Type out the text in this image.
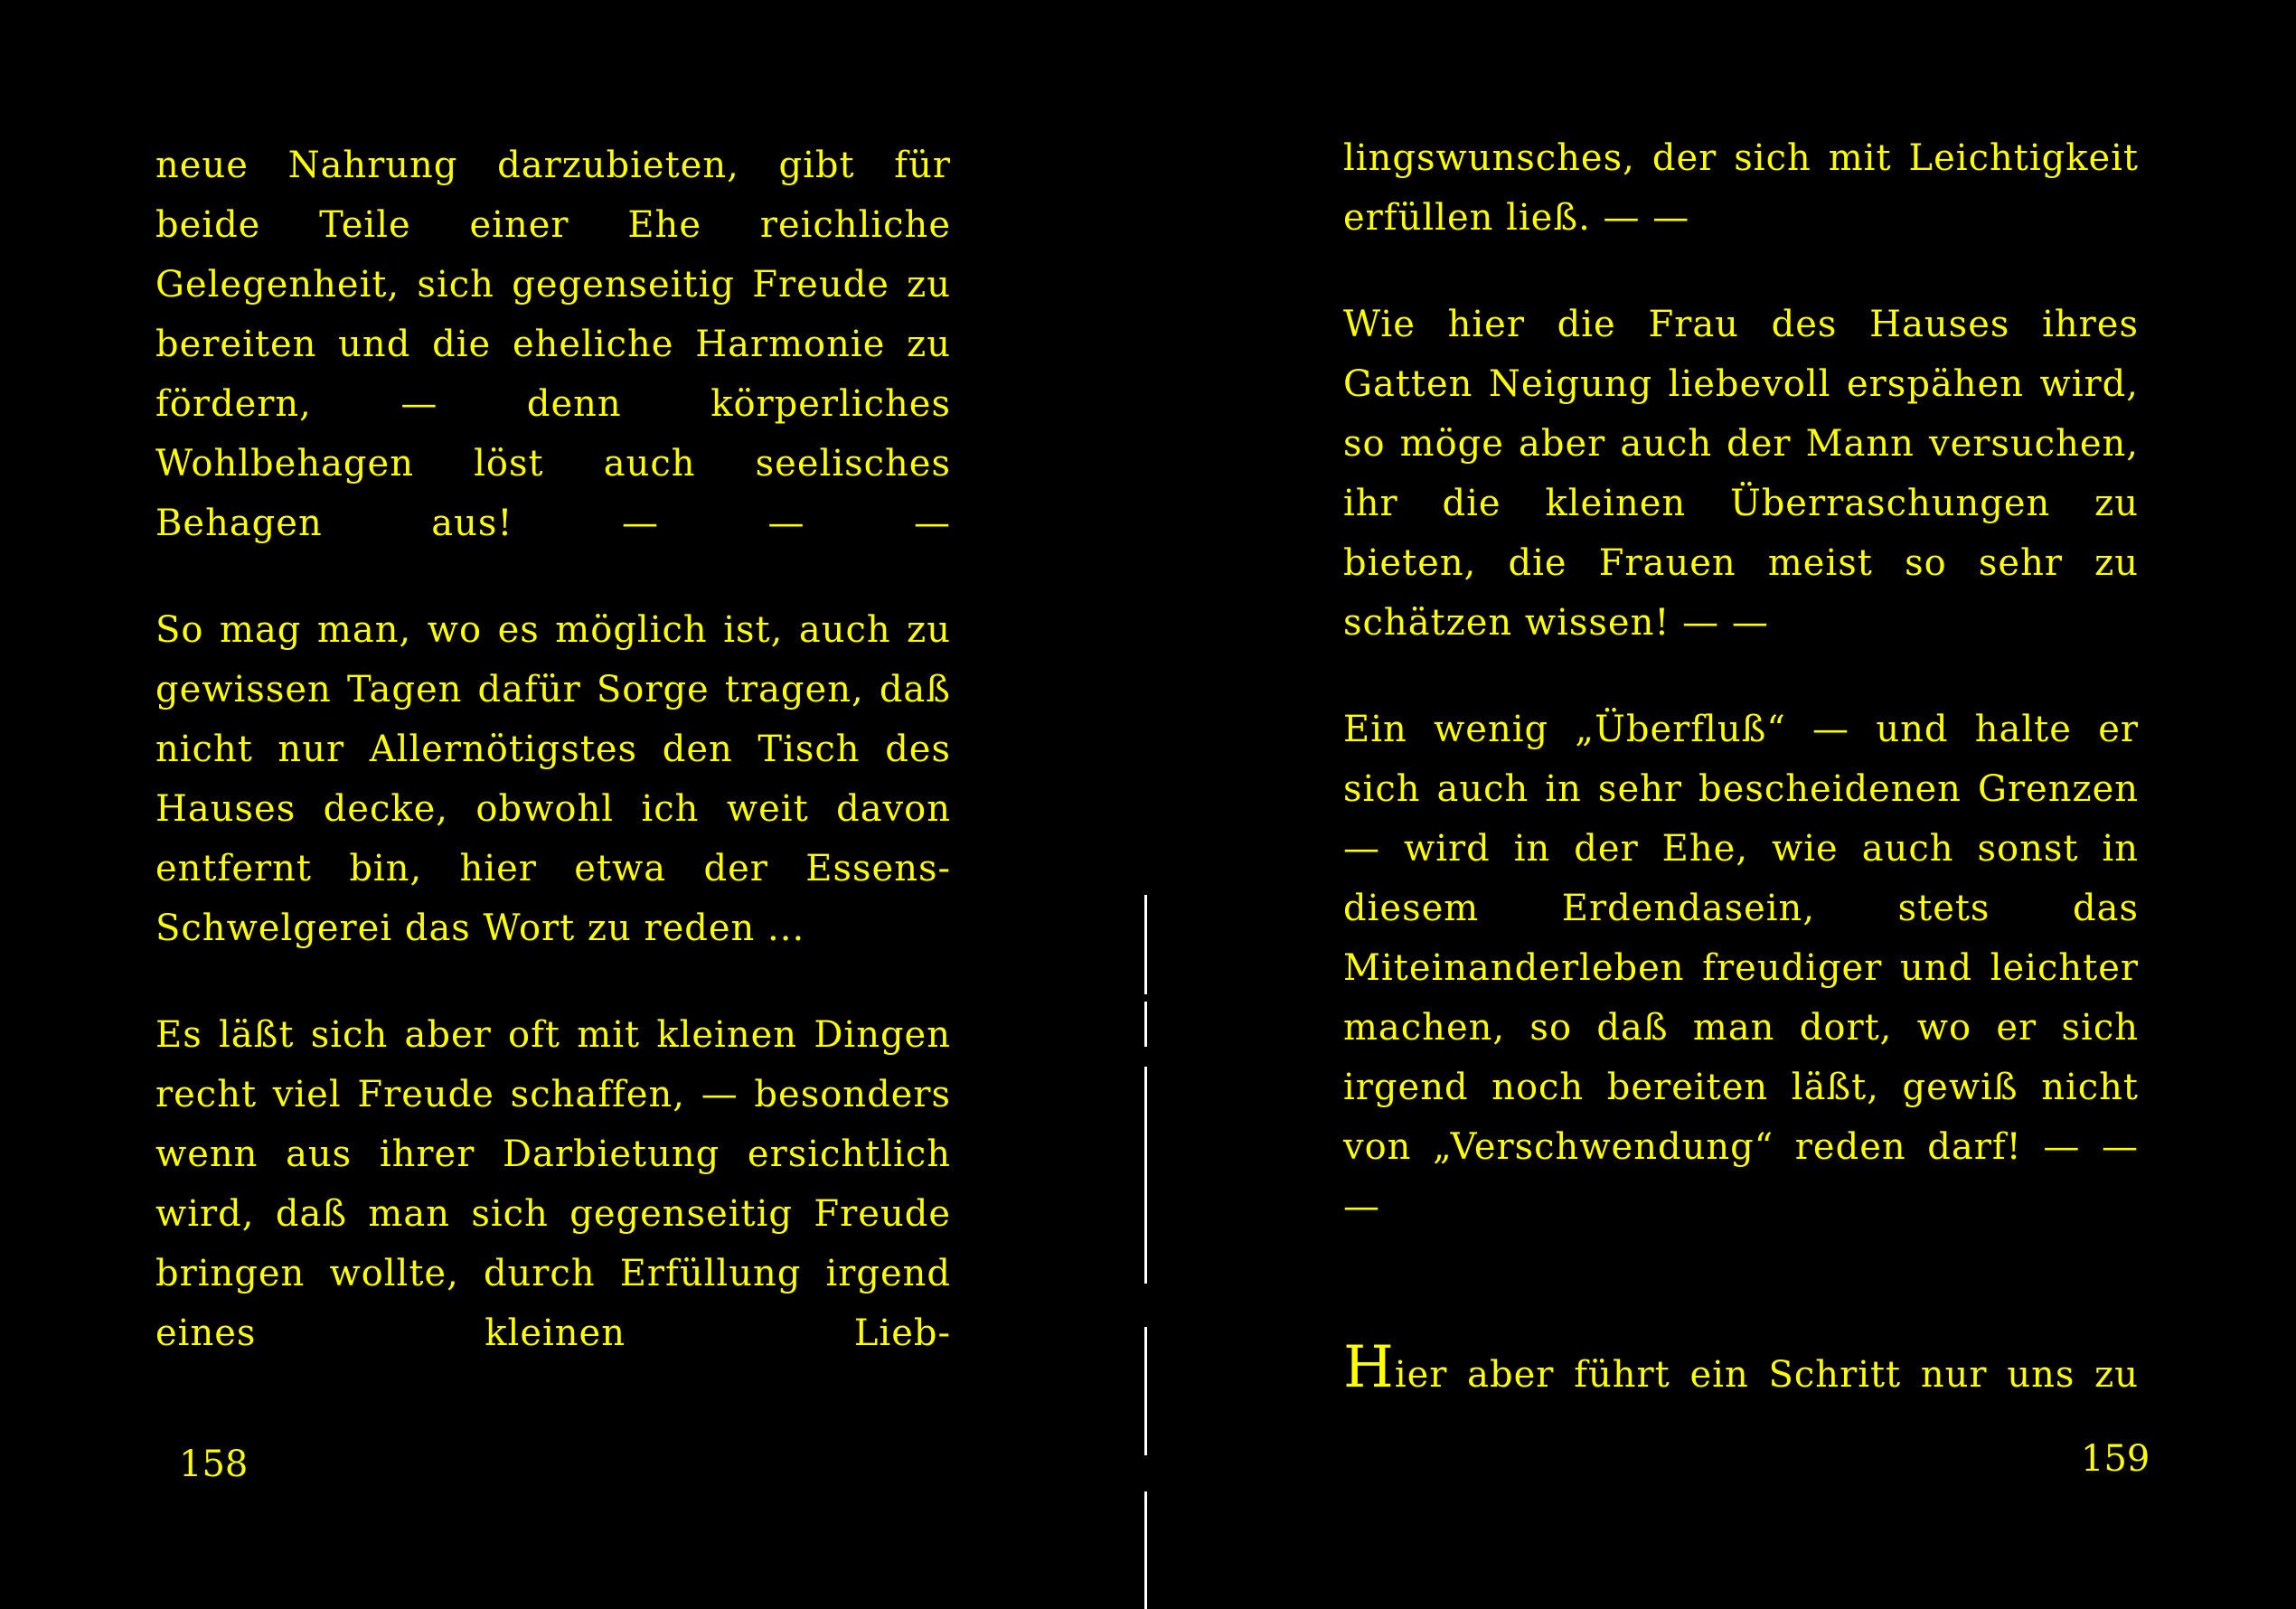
neue Nahrung darzubieten, gibt für beide Teile einer Ehe reichliche Gelegenheit, sich gegenseitig Freude zu bereiten und die eheliche Harmonie zu fördern, — denn körperliches Wohlbehagen löst auch seelisches Behagen aus! — — —

So mag man, wo es möglich ist, auch zu gewissen Tagen dafür Sorge tragen, daß nicht nur Allernötigstes den Tisch des Hauses decke, obwohl ich weit davon entfernt bin, hier etwa der Essens-Schwelgerei das Wort zu reden ...

Es läßt sich aber oft mit kleinen Dingen recht viel Freude schaffen, — besonders wenn aus ihrer Darbietung ersichtlich wird, daß man sich gegenseitig Freude bringen wollte, durch Erfüllung irgend eines kleinen Lieb-

158

lingswunsches, der sich mit Leichtigkeit erfüllen ließ. — —

Wie hier die Frau des Hauses ihres Gatten Neigung liebevoll erspähen wird, so möge aber auch der Mann versuchen, ihr die kleinen Überraschungen zu bieten, die Frauen meist so sehr zu schätzen wissen! — —

Ein wenig „Überfluß“ — und halte er sich auch in sehr bescheidenen Grenzen — wird in der Ehe, wie auch sonst in diesem Erdendasein, stets das Miteinanderleben freudiger und leichter machen, so daß man dort, wo er sich irgend noch bereiten läßt, gewiß nicht von „Verschwendung“ reden darf! — — —

Hier aber führt ein Schritt nur uns zu

159
